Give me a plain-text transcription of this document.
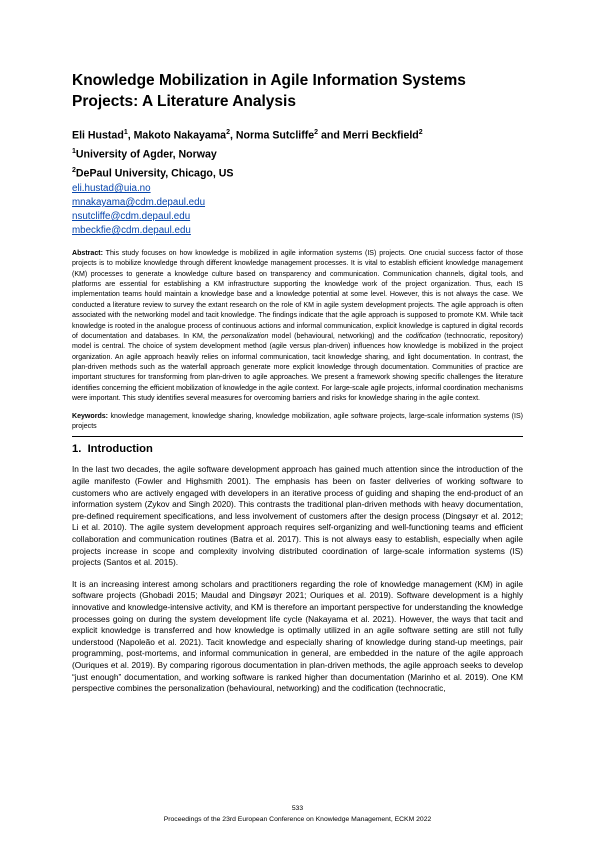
Knowledge Mobilization in Agile Information Systems Projects: A Literature Analysis

Eli Hustad$^1$, Makoto Nakayama$^2$, Norma Sutcliffe$^2$ and Merri Beckfield$^2$

$^1$University of Agder, Norway

$^2$DePaul University, Chicago, US

eli.hustad@uia.no
mnakayama@cdm.depaul.edu
nsutcliffe@cdm.depaul.edu
mbeckfie@cdm.depaul.edu

Abstract: This study focuses on how knowledge is mobilized in agile information systems (IS) projects. One crucial success factor of those projects is to mobilize knowledge through different knowledge management processes. It is vital to establish efficient knowledge management (KM) processes to generate a knowledge culture based on transparency and communication. Communication channels, digital tools, and platforms are essential for establishing a KM infrastructure supporting the knowledge work of the project organization. Thus, each IS implementation teams hould maintain a knowledge base and a knowledge potential at some level. However, this is not always the case. We conducted a literature review to survey the extant research on the role of KM in agile system development projects. The agile approach is often associated with the networking model and tacit knowledge. The findings indicate that the agile approach is supposed to promote KM. While tacit knowledge is rooted in the analogue process of continuous actions and informal communication, explicit knowledge is captured in digital records of documentation and databases. In KM, the personalization model (behavioural, networking) and the codification (technocratic, repository) model is central. The choice of system development method (agile versus plan-driven) influences how knowledge is mobilized in the project organization. An agile approach heavily relies on informal communication, tacit knowledge sharing, and light documentation. In contrast, the plan-driven methods such as the waterfall approach generate more explicit knowledge through documentation. Communities of practice are important structures for transforming from plan-driven to agile approaches. We present a framework showing specific challenges the literature identifies concerning the efficient mobilization of knowledge in the agile context. For large-scale agile projects, informal coordination mechanisms were important. This study identifies several measures for overcoming barriers and risks for knowledge sharing in the agile context.

Keywords: knowledge management, knowledge sharing, knowledge mobilization, agile software projects, large-scale information systems (IS) projects

1. Introduction

In the last two decades, the agile software development approach has gained much attention since the introduction of the agile manifesto (Fowler and Highsmith 2001). The emphasis has been on faster deliveries of working software to customers who are actively engaged with developers in an iterative process of guiding and shaping the end-product of an information system (Zykov and Singh 2020). This contrasts the traditional plan-driven methods with heavy documentation, pre-defined requirement specifications, and less involvement of customers after the design process (Dingsøyr et al. 2012; Li et al. 2010). The agile system development approach requires self-organizing and well-functioning teams and efficient collaboration and communication routines (Batra et al. 2017). This is not always easy to establish, especially when agile projects increase in scope and complexity involving distributed coordination of large-scale information systems (IS) projects (Santos et al. 2015).

It is an increasing interest among scholars and practitioners regarding the role of knowledge management (KM) in agile software projects (Ghobadi 2015; Maudal and Dingsøyr 2021; Ouriques et al. 2019). Software development is a highly innovative and knowledge-intensive activity, and KM is therefore an important perspective for understanding the knowledge processes going on during the system development life cycle (Nakayama et al. 2021). However, the ways that tacit and explicit knowledge is transferred and how knowledge is optimally utilized in an agile software setting are still not fully understood (Napoleão et al. 2021). Tacit knowledge and especially sharing of knowledge during stand-up meetings, pair programming, post-mortems, and informal communication in general, are embedded in the nature of the agile approach (Ouriques et al. 2019). By comparing rigorous documentation in plan-driven methods, the agile approach seeks to develop “just enough” documentation, and working software is ranked higher than documentation (Marinho et al. 2019). One KM perspective combines the personalization (behavioural, networking) and the codification (technocratic,

533
Proceedings of the 23rd European Conference on Knowledge Management, ECKM 2022
